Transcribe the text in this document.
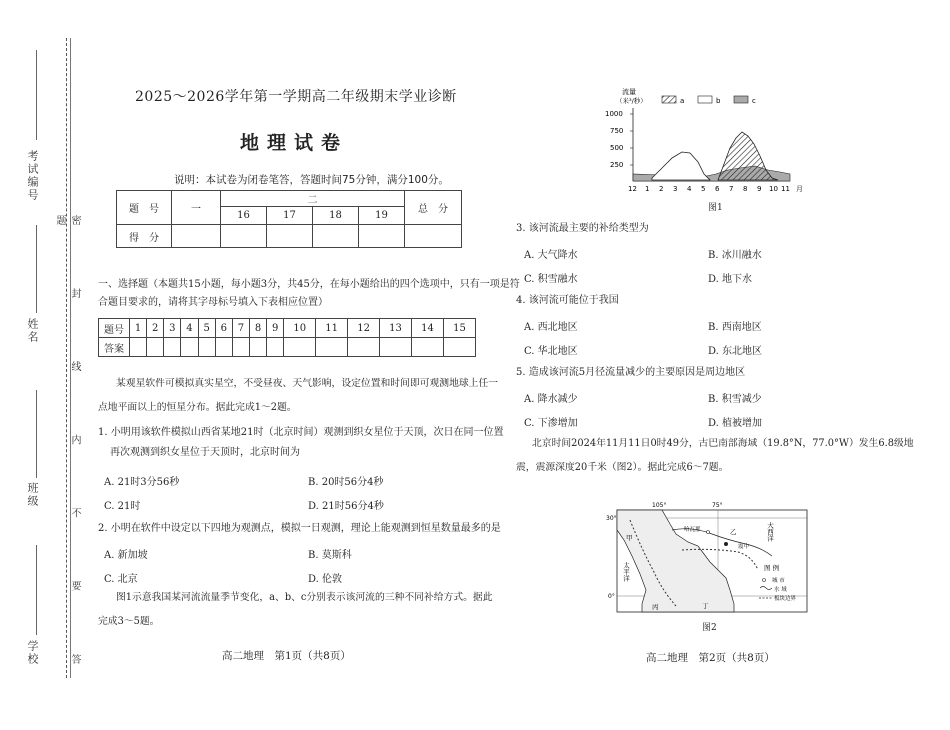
考试编号
姓名
班级
学校	密 封 线 内 不 要 答 题
2025～2026学年第一学期高二年级期末学业诊断
地理试卷
说明：本试卷为闭卷笔答，答题时间75分钟，满分100分。
题　号	一	二				总　分
		16	17	18	19	
得　分						
一、选择题（本题共15小题，每小题3分，共45分，在每小题给出的四个选项中，只有一项是符
合题目要求的，请将其字母标号填入下表相应位置）
题号	1	2	3	4	5	6	7	8	9	10	11	12	13	14	15
答案															
某观星软件可模拟真实星空，不受昼夜、天气影响，设定位置和时间即可观测地球上任一
点地平面以上的恒星分布。据此完成1～2题。
1. 小明用该软件模拟山西省某地21时（北京时间）观测到织女星位于天顶，次日在同一位置
再次观测到织女星位于天顶时，北京时间为
A. 21时3分56秒	B. 20时56分4秒
C. 21时	D. 21时56分4秒
2. 小明在软件中设定以下四地为观测点，模拟一日观测，理论上能观测到恒星数量最多的是
A. 新加坡	B. 莫斯科
C. 北京	D. 伦敦
图1示意我国某河流流量季节变化，a、b、c分别表示该河流的三种不同补给方式。据此
完成3～5题。
高二地理　第1页（共8页）
流量
（米³/秒）	a	b	c
1000
750
500
250
12 1 2 3 4 5 6 7 8 9 10 11 月
图1
3. 该河流最主要的补给类型为
A. 大气降水	B. 冰川融水
C. 积雪融水	D. 地下水
4. 该河流可能位于我国
A. 西北地区	B. 西南地区
C. 华北地区	D. 东北地区
5. 造成该河流5月径流量减少的主要原因是周边地区
A. 降水减少	B. 积雪减少
C. 下渗增加	D. 植被增加
北京时间2024年11月11日0时49分，古巴南部海域（19.8°N，77.0°W）发生6.8级地
震，震源深度20千米（图2）。据此完成6～7题。
105°	75°
30°
0°
甲
乙
丙	丁
哈瓦那
震中
太平洋
大西洋
图 例
城 市
水 域
板块边界
图2
高二地理　第2页（共8页）
